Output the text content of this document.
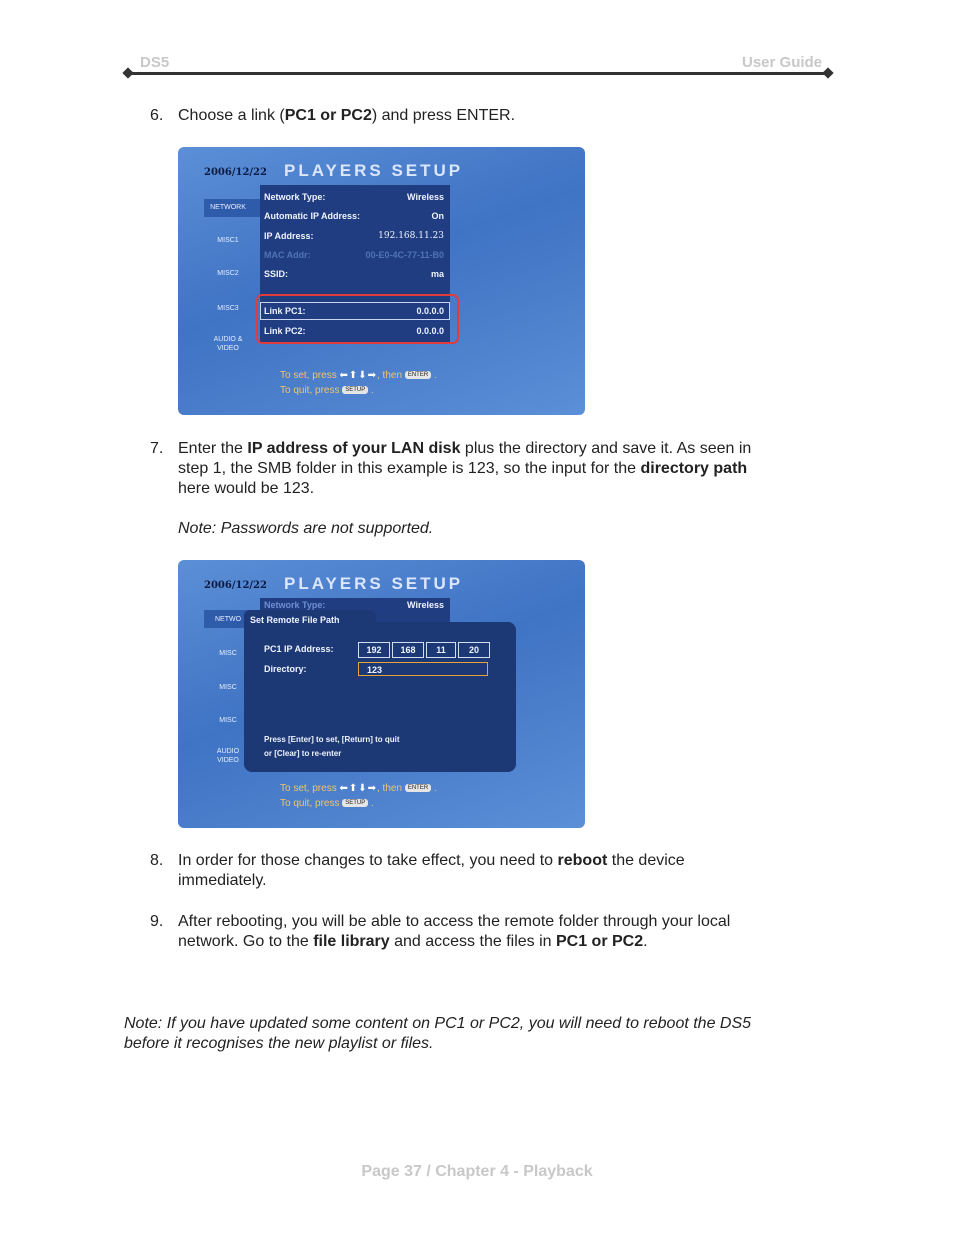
DS5	User Guide
6. Choose a link (PC1 or PC2) and press ENTER.
2006/12/22 PLAYERS SETUP
NETWORK
MISC1
MISC2
MISC3
AUDIO &
VIDEO
Network Type:	Wireless
Automatic IP Address:	On
IP Address:	192.168.11.23
MAC Addr:	00-E0-4C-77-11-B0
SSID:	ma
Link PC1:	0.0.0.0
Link PC2:	0.0.0.0
To set, press ⬅⬆⬇➡, then ENTER .
To quit, press SETUP .
7. Enter the IP address of your LAN disk plus the directory and save it. As seen in
step 1, the SMB folder in this example is 123, so the input for the directory path
here would be 123.
Note: Passwords are not supported.
2006/12/22 PLAYERS SETUP
NETWO
MISC
MISC
MISC
AUDIO
VIDEO
Network Type:	Wireless
Set Remote File Path
PC1 IP Address:	192	168	11	20
Directory:	123
Press [Enter] to set, [Return] to quit
or [Clear] to re-enter
To set, press ⬅⬆⬇➡, then ENTER .
To quit, press SETUP .
8. In order for those changes to take effect, you need to reboot the device
immediately.
9. After rebooting, you will be able to access the remote folder through your local
network. Go to the file library and access the files in PC1 or PC2.
Note: If you have updated some content on PC1 or PC2, you will need to reboot the DS5
before it recognises the new playlist or files.
Page 37 / Chapter 4 - Playback
